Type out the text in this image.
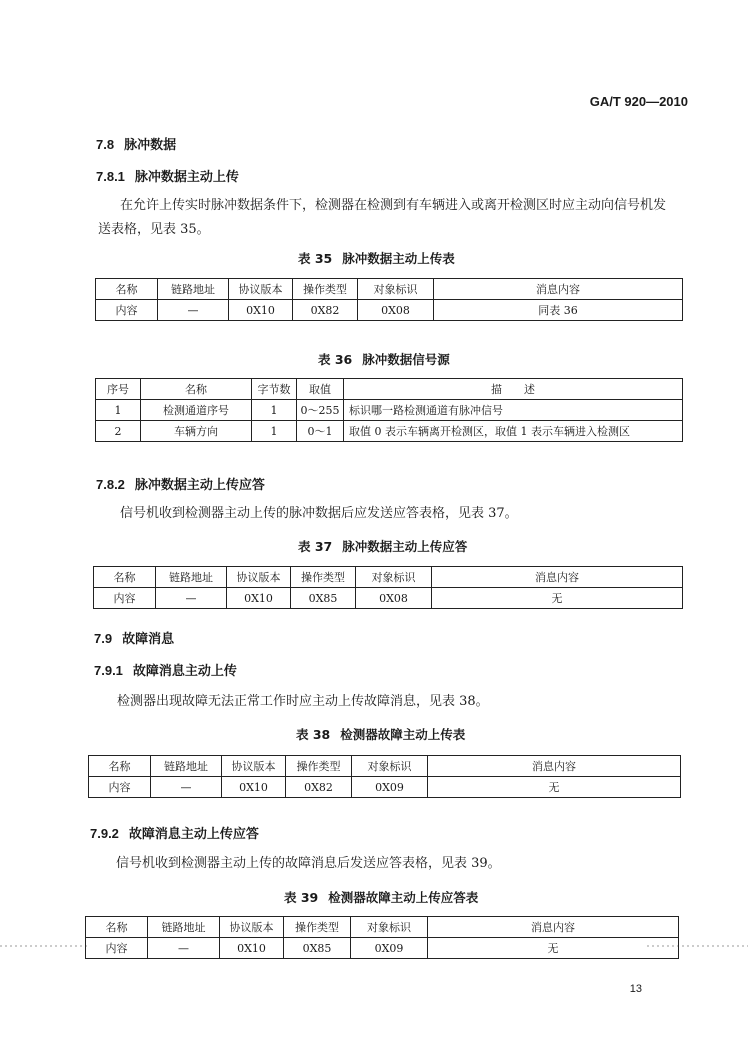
GA/T 920—2010
7.8 脉冲数据
7.8.1 脉冲数据主动上传
在允许上传实时脉冲数据条件下，检测器在检测到有车辆进入或离开检测区时应主动向信号机发
送表格，见表 35。
表 35 脉冲数据主动上传表
名称	链路地址	协议版本	操作类型	对象标识	消息内容
内容	—	0X10	0X82	0X08	同表 36
表 36 脉冲数据信号源
序号	名称	字节数	取值	描　　述
1	检测通道序号	1	0～255	标识哪一路检测通道有脉冲信号
2	车辆方向	1	0～1	取值 0 表示车辆离开检测区，取值 1 表示车辆进入检测区
7.8.2 脉冲数据主动上传应答
信号机收到检测器主动上传的脉冲数据后应发送应答表格，见表 37。
表 37 脉冲数据主动上传应答
名称	链路地址	协议版本	操作类型	对象标识	消息内容
内容	—	0X10	0X85	0X08	无
7.9 故障消息
7.9.1 故障消息主动上传
检测器出现故障无法正常工作时应主动上传故障消息，见表 38。
表 38 检测器故障主动上传表
名称	链路地址	协议版本	操作类型	对象标识	消息内容
内容	—	0X10	0X82	0X09	无
7.9.2 故障消息主动上传应答
信号机收到检测器主动上传的故障消息后发送应答表格，见表 39。
表 39 检测器故障主动上传应答表
名称	链路地址	协议版本	操作类型	对象标识	消息内容
内容	—	0X10	0X85	0X09	无
13
